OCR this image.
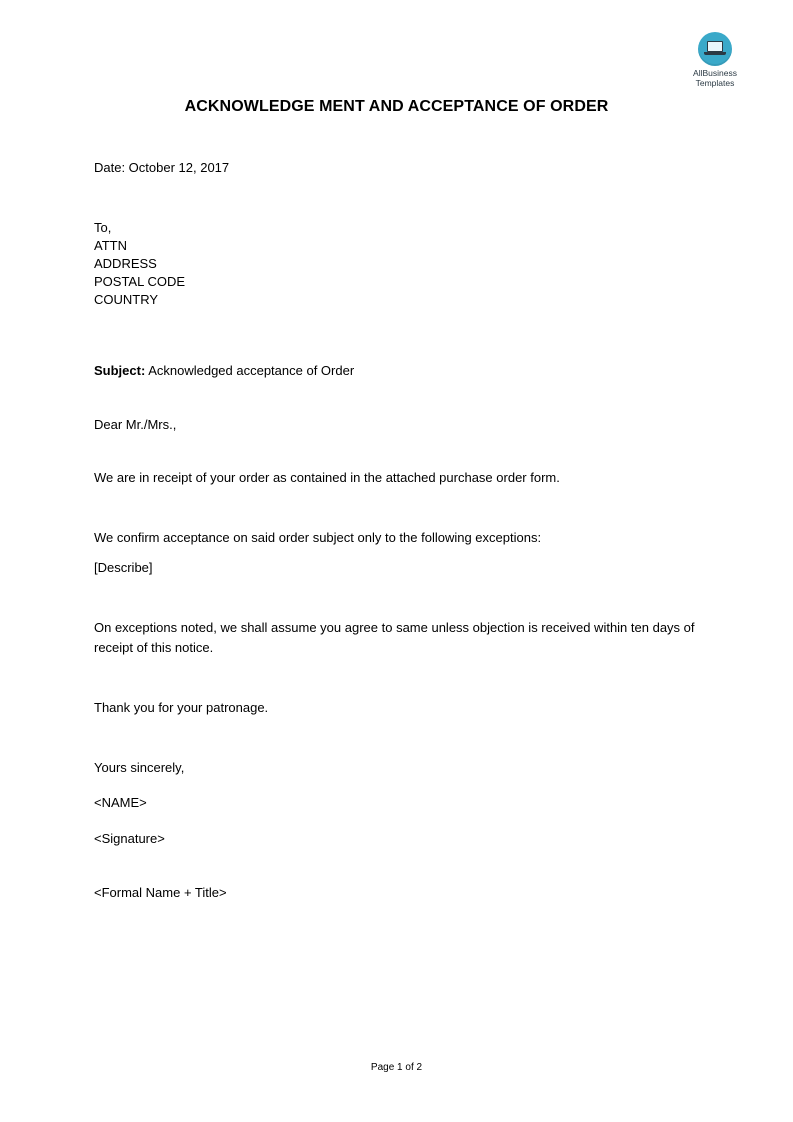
AllBusiness
Templates
ACKNOWLEDGE MENT AND ACCEPTANCE OF ORDER
Date: October 12, 2017
To,
ATTN
ADDRESS
POSTAL CODE
COUNTRY
Subject: Acknowledged acceptance of Order
Dear Mr./Mrs.,
We are in receipt of your order as contained in the attached purchase order form.
We confirm acceptance on said order subject only to the following exceptions:
[Describe]
On exceptions noted, we shall assume you agree to same unless objection is received within ten days of receipt of this notice.
Thank you for your patronage.
Yours sincerely,
<NAME>
<Signature>
<Formal Name + Title>
Page 1 of 2
